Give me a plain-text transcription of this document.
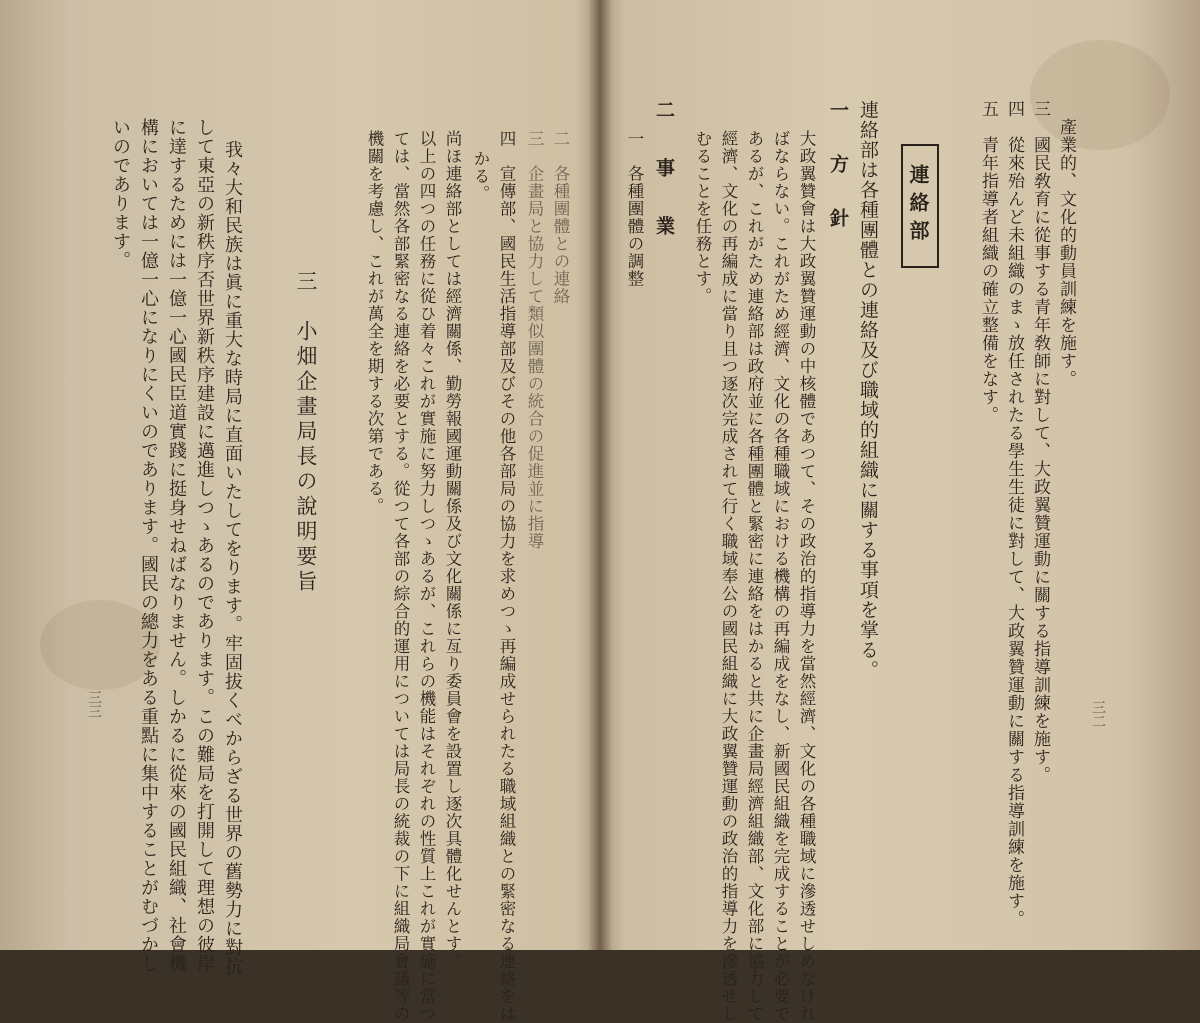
產業的、文化的動員訓練を施す。
三　國民敎育に從事する青年敎師に對して、大政翼贊運動に關する指導訓練を施す。
四　從來殆んど未組織のまゝ放任されたる學生生徒に對して、大政翼贊運動に關する指導訓練を施す。
五　青年指導者組織の確立整備をなす。
連絡部
連絡部は各種團體との連絡及び職域的組織に關する事項を掌る。
一　方　針
大政翼贊會は大政翼贊運動の中核體であつて、その政治的指導力を當然經濟、文化の各種職域に滲透せしめなけれ
ばならない。これがため經濟、文化の各種職域における機構の再編成をなし、新國民組織を完成することが必要で
あるが、これがため連絡部は政府並に各種團體と緊密に連絡をはかると共に企畫局經濟組織部、文化部に協力して
經濟、文化の再編成に當り且つ逐次完成されて行く職域奉公の國民組織に大政翼贊運動の政治的指導力を滲透せし
むることを任務とす。
二　事　業
一　各種團體の調整
三二
二　各種團體との連絡
三　企畫局と協力して類似團體の統合の促進並に指導
四　宣傳部、國民生活指導部及びその他各部局の協力を求めつゝ再編成せられたる職域組織との緊密なる連絡をは
かる。
尚ほ連絡部としては經濟關係、勤勞報國運動關係及び文化關係に亙り委員會を設置し逐次具體化せんとす。
以上の四つの任務に從ひ着々これが實施に努力しつゝあるが、これらの機能はそれぞれの性質上これが實施に當つ
ては、當然各部緊密なる連絡を必要とする。從つて各部の綜合的運用については局長の統裁の下に組織局會議等の
機關を考慮し、これが萬全を期する次第である。
三　小畑企畫局長の說明要旨
我々大和民族は眞に重大な時局に直面いたしてをります。牢固拔くべからざる世界の舊勢力に對抗
して東亞の新秩序否世界新秩序建設に邁進しつゝあるのであります。この難局を打開して理想の彼岸
に達するためには一億一心國民臣道實踐に挺身せねばなりません。しかるに從來の國民組織、社會機
構においては一億一心になりにくいのであります。國民の總力をある重點に集中することがむづかし
いのであります。
三三
